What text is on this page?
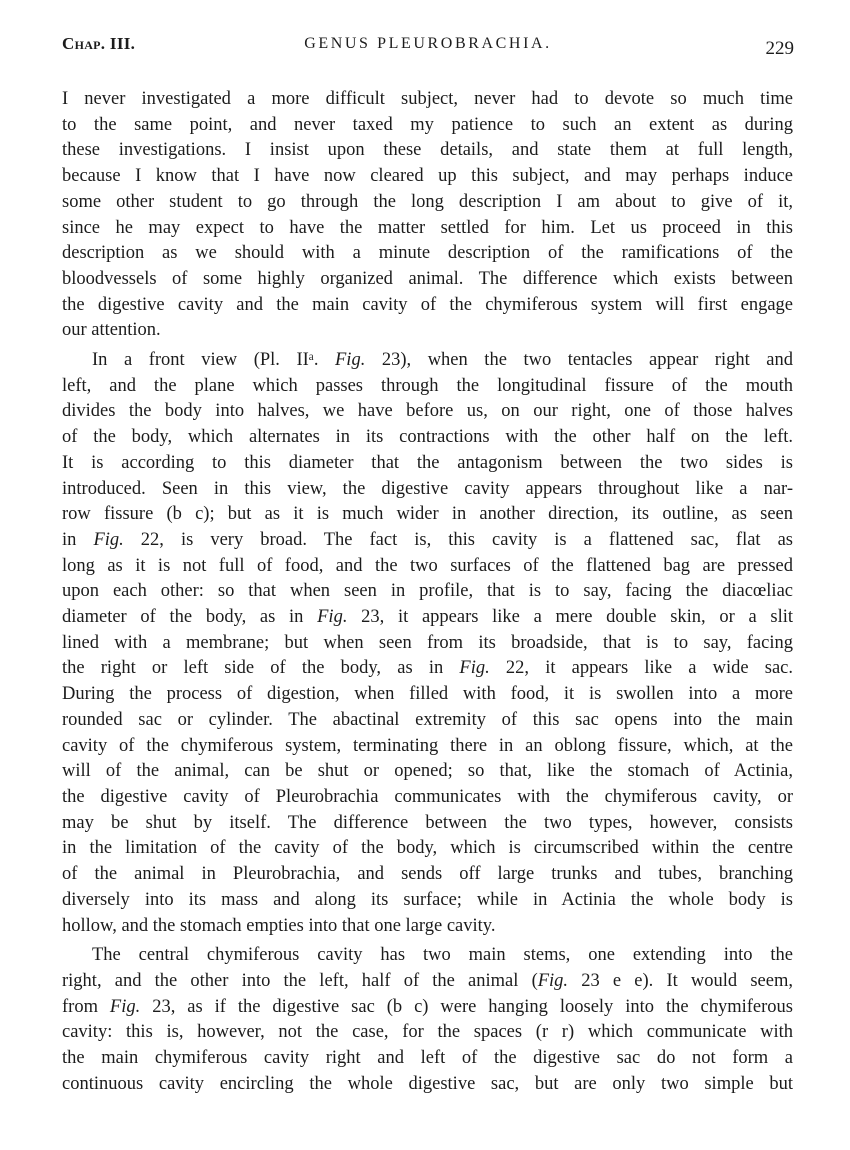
Chap. III.	GENUS PLEUROBRACHIA.	229

I never investigated a more difficult subject, never had to devote so much time
to the same point, and never taxed my patience to such an extent as during
these investigations. I insist upon these details, and state them at full length,
because I know that I have now cleared up this subject, and may perhaps induce
some other student to go through the long description I am about to give of it,
since he may expect to have the matter settled for him. Let us proceed in this
description as we should with a minute description of the ramifications of the
bloodvessels of some highly organized animal. The difference which exists between
the digestive cavity and the main cavity of the chymiferous system will first engage
our attention.

In a front view (Pl. IIᵃ. Fig. 23), when the two tentacles appear right and
left, and the plane which passes through the longitudinal fissure of the mouth
divides the body into halves, we have before us, on our right, one of those halves
of the body, which alternates in its contractions with the other half on the left.
It is according to this diameter that the antagonism between the two sides is
introduced. Seen in this view, the digestive cavity appears throughout like a nar-
row fissure (b c); but as it is much wider in another direction, its outline, as seen
in Fig. 22, is very broad. The fact is, this cavity is a flattened sac, flat as
long as it is not full of food, and the two surfaces of the flattened bag are pressed
upon each other: so that when seen in profile, that is to say, facing the diacœliac
diameter of the body, as in Fig. 23, it appears like a mere double skin, or a slit
lined with a membrane; but when seen from its broadside, that is to say, facing
the right or left side of the body, as in Fig. 22, it appears like a wide sac.
During the process of digestion, when filled with food, it is swollen into a more
rounded sac or cylinder. The abactinal extremity of this sac opens into the main
cavity of the chymiferous system, terminating there in an oblong fissure, which, at the
will of the animal, can be shut or opened; so that, like the stomach of Actinia,
the digestive cavity of Pleurobrachia communicates with the chymiferous cavity, or
may be shut by itself. The difference between the two types, however, consists
in the limitation of the cavity of the body, which is circumscribed within the centre
of the animal in Pleurobrachia, and sends off large trunks and tubes, branching
diversely into its mass and along its surface; while in Actinia the whole body is
hollow, and the stomach empties into that one large cavity.

The central chymiferous cavity has two main stems, one extending into the
right, and the other into the left, half of the animal (Fig. 23 e e). It would seem,
from Fig. 23, as if the digestive sac (b c) were hanging loosely into the chymiferous
cavity: this is, however, not the case, for the spaces (r r) which communicate with
the main chymiferous cavity right and left of the digestive sac do not form a
continuous cavity encircling the whole digestive sac, but are only two simple but
